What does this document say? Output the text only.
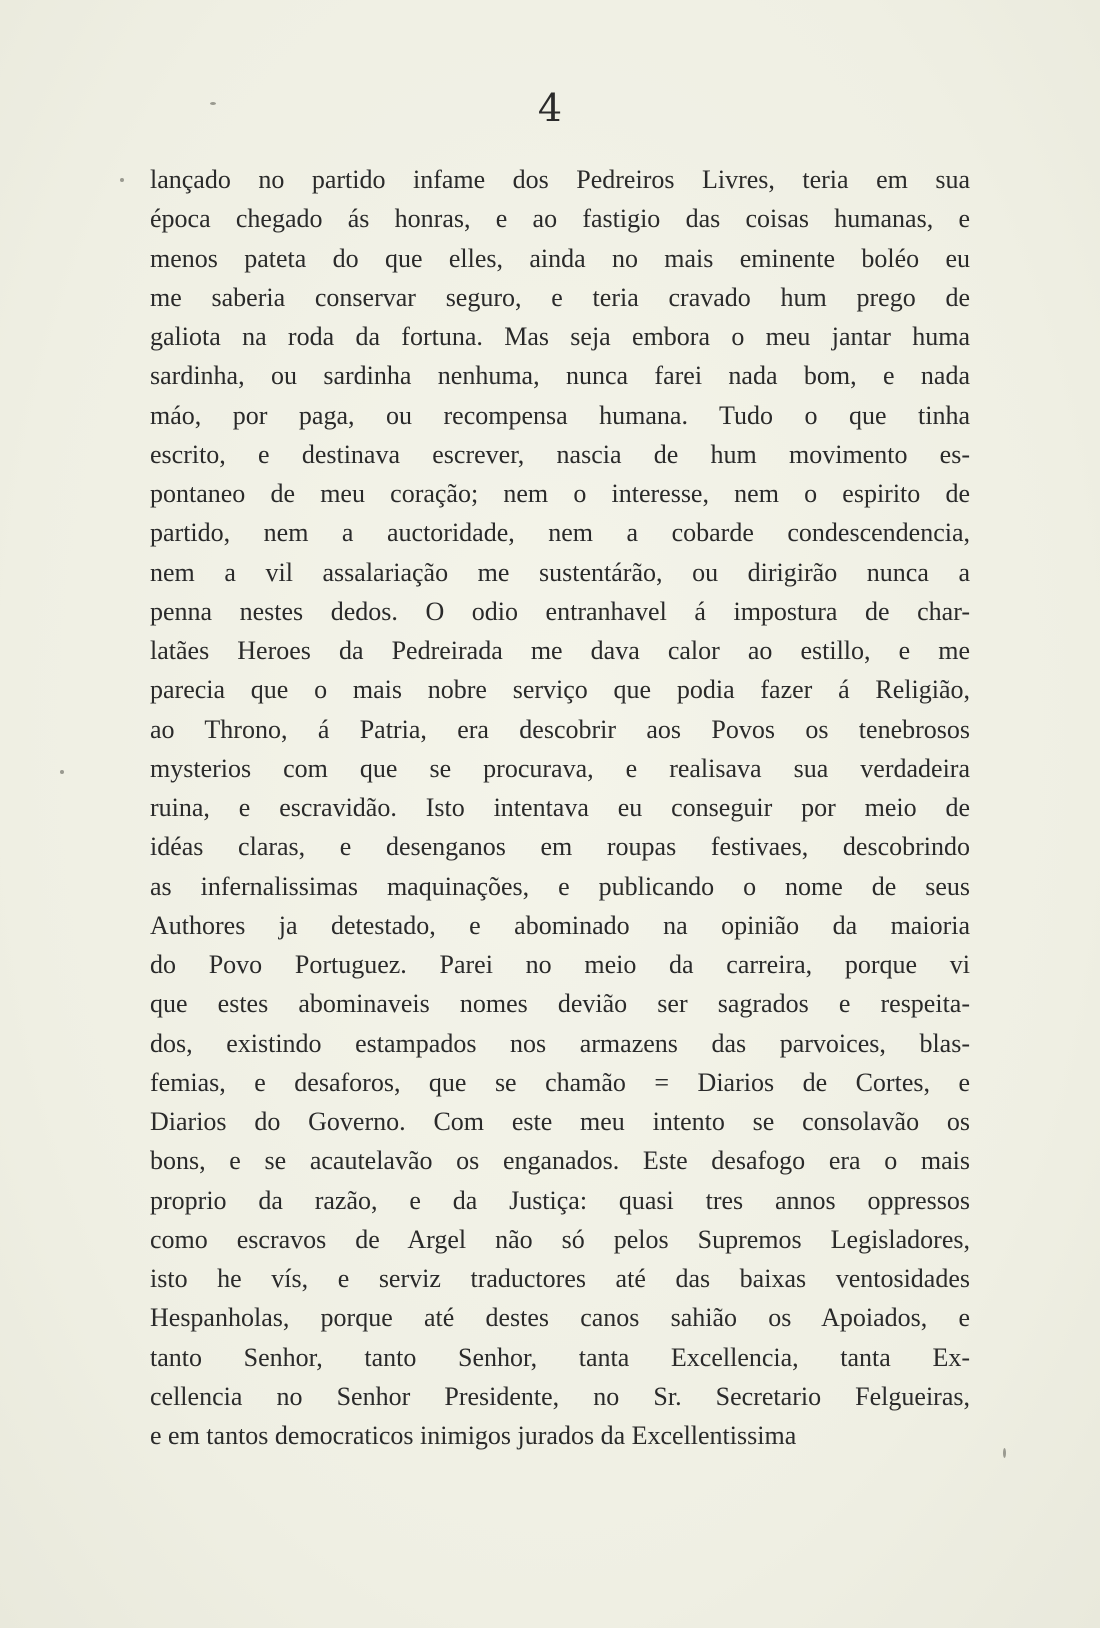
4
lançado no partido infame dos Pedreiros Livres, teria em sua
época chegado ás honras, e ao fastigio das coisas humanas, e
menos pateta do que elles, ainda no mais eminente boléo eu
me saberia conservar seguro, e teria cravado hum prego de
galiota na roda da fortuna. Mas seja embora o meu jantar huma
sardinha, ou sardinha nenhuma, nunca farei nada bom, e nada
máo, por paga, ou recompensa humana. Tudo o que tinha
escrito, e destinava escrever, nascia de hum movimento es-
pontaneo de meu coração; nem o interesse, nem o espirito de
partido, nem a auctoridade, nem a cobarde condescendencia,
nem a vil assalariação me sustentárão, ou dirigirão nunca a
penna nestes dedos. O odio entranhavel á impostura de char-
latães Heroes da Pedreirada me dava calor ao estillo, e me
parecia que o mais nobre serviço que podia fazer á Religião,
ao Throno, á Patria, era descobrir aos Povos os tenebrosos
mysterios com que se procurava, e realisava sua verdadeira
ruina, e escravidão. Isto intentava eu conseguir por meio de
idéas claras, e desenganos em roupas festivaes, descobrindo
as infernalissimas maquinações, e publicando o nome de seus
Authores ja detestado, e abominado na opinião da maioria
do Povo Portuguez. Parei no meio da carreira, porque vi
que estes abominaveis nomes devião ser sagrados e respeita-
dos, existindo estampados nos armazens das parvoices, blas-
femias, e desaforos, que se chamão = Diarios de Cortes, e
Diarios do Governo. Com este meu intento se consolavão os
bons, e se acautelavão os enganados. Este desafogo era o mais
proprio da razão, e da Justiça: quasi tres annos oppressos
como escravos de Argel não só pelos Supremos Legisladores,
isto he vís, e serviz traductores até das baixas ventosidades
Hespanholas, porque até destes canos sahião os Apoiados, e
tanto Senhor, tanto Senhor, tanta Excellencia, tanta Ex-
cellencia no Senhor Presidente, no Sr. Secretario Felgueiras,
e em tantos democraticos inimigos jurados da Excellentissima
